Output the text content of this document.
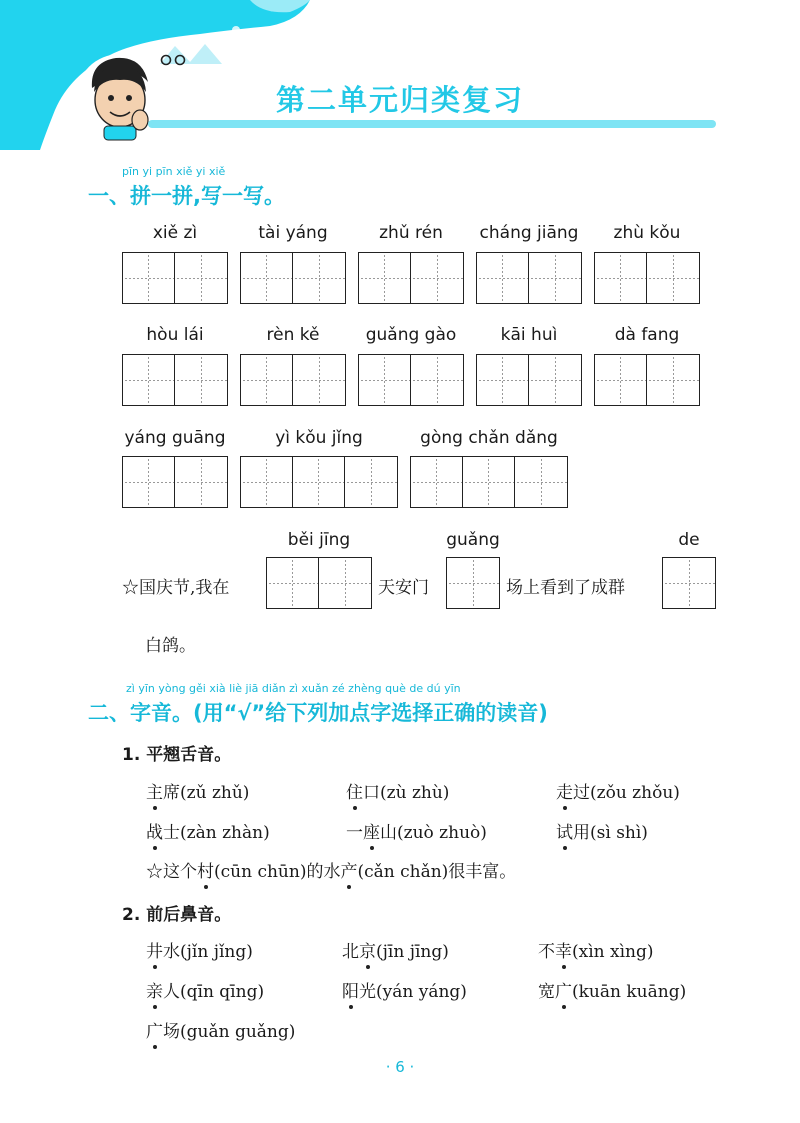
第二单元归类复习
pīn yi pīn xiě yi xiě
一、拼一拼,写一写。
xiě zì	tài yáng	zhǔ rén	cháng jiāng	zhù kǒu
hòu lái	rèn kě	guǎng gào	kāi huì	dà fang
yáng guāng	yì kǒu jǐng	gòng chǎn dǎng
běi jīng	guǎng	de
☆国庆节,我在	天安门	场上看到了成群
白鸽。
zì yīn yòng gěi xià liè jiā diǎn zì xuǎn zé zhèng què de dú yīn
二、字音。(用“√”给下列加点字选择正确的读音)
1. 平翘舌音。
主席(zǔ zhǔ)	住口(zù zhù)	走过(zǒu zhǒu)
战士(zàn zhàn)	一座山(zuò zhuò)	试用(sì shì)
☆这个村(cūn chūn)的水产(cǎn chǎn)很丰富。
2. 前后鼻音。
井水(jǐn jǐng)	北京(jīn jīng)	不幸(xìn xìng)
亲人(qīn qīng)	阳光(yán yáng)	宽广(kuān kuāng)
广场(guǎn guǎng)
· 6 ·
